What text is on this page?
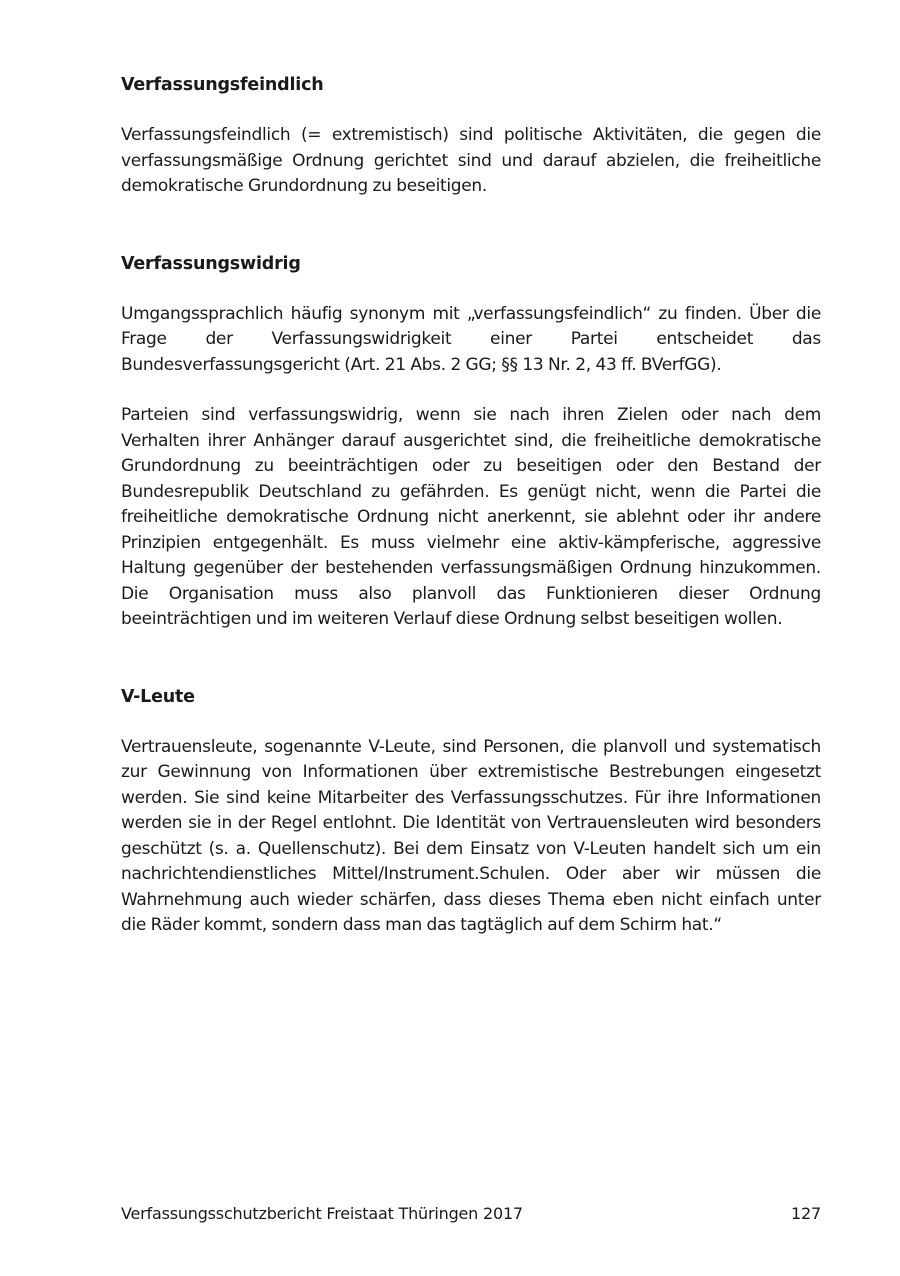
Verfassungsfeindlich

Verfassungsfeindlich (= extremistisch) sind politische Aktivitäten, die gegen die verfassungsmäßige Ordnung gerichtet sind und darauf abzielen, die freiheitliche demokratische Grundordnung zu beseitigen.

Verfassungswidrig

Umgangssprachlich häufig synonym mit „verfassungsfeindlich“ zu finden. Über die Frage der Verfassungswidrigkeit einer Partei entscheidet das Bundesverfassungsgericht (Art. 21 Abs. 2 GG; §§ 13 Nr. 2, 43 ff. BVerfGG).

Parteien sind verfassungswidrig, wenn sie nach ihren Zielen oder nach dem Verhalten ihrer Anhänger darauf ausgerichtet sind, die freiheitliche demokratische Grundordnung zu beeinträchtigen oder zu beseitigen oder den Bestand der Bundesrepublik Deutschland zu gefährden. Es genügt nicht, wenn die Partei die freiheitliche demokratische Ordnung nicht anerkennt, sie ablehnt oder ihr andere Prinzipien entgegenhält. Es muss vielmehr eine aktiv-kämpferische, aggressive Haltung gegenüber der bestehenden verfassungsmäßigen Ordnung hinzukommen. Die Organisation muss also planvoll das Funktionieren dieser Ordnung beeinträchtigen und im weiteren Verlauf diese Ordnung selbst beseitigen wollen.

V-Leute

Vertrauensleute, sogenannte V-Leute, sind Personen, die planvoll und systematisch zur Gewinnung von Informationen über extremistische Bestrebungen eingesetzt werden. Sie sind keine Mitarbeiter des Verfassungsschutzes. Für ihre Informationen werden sie in der Regel entlohnt. Die Identität von Vertrauensleuten wird besonders geschützt (s. a. Quellenschutz). Bei dem Einsatz von V-Leuten handelt sich um ein nachrichtendienstliches Mittel/Instrument.Schulen. Oder aber wir müssen die Wahrnehmung auch wieder schärfen, dass dieses Thema eben nicht einfach unter die Räder kommt, sondern dass man das tagtäglich auf dem Schirm hat.“

Verfassungsschutzbericht Freistaat Thüringen 2017	127
